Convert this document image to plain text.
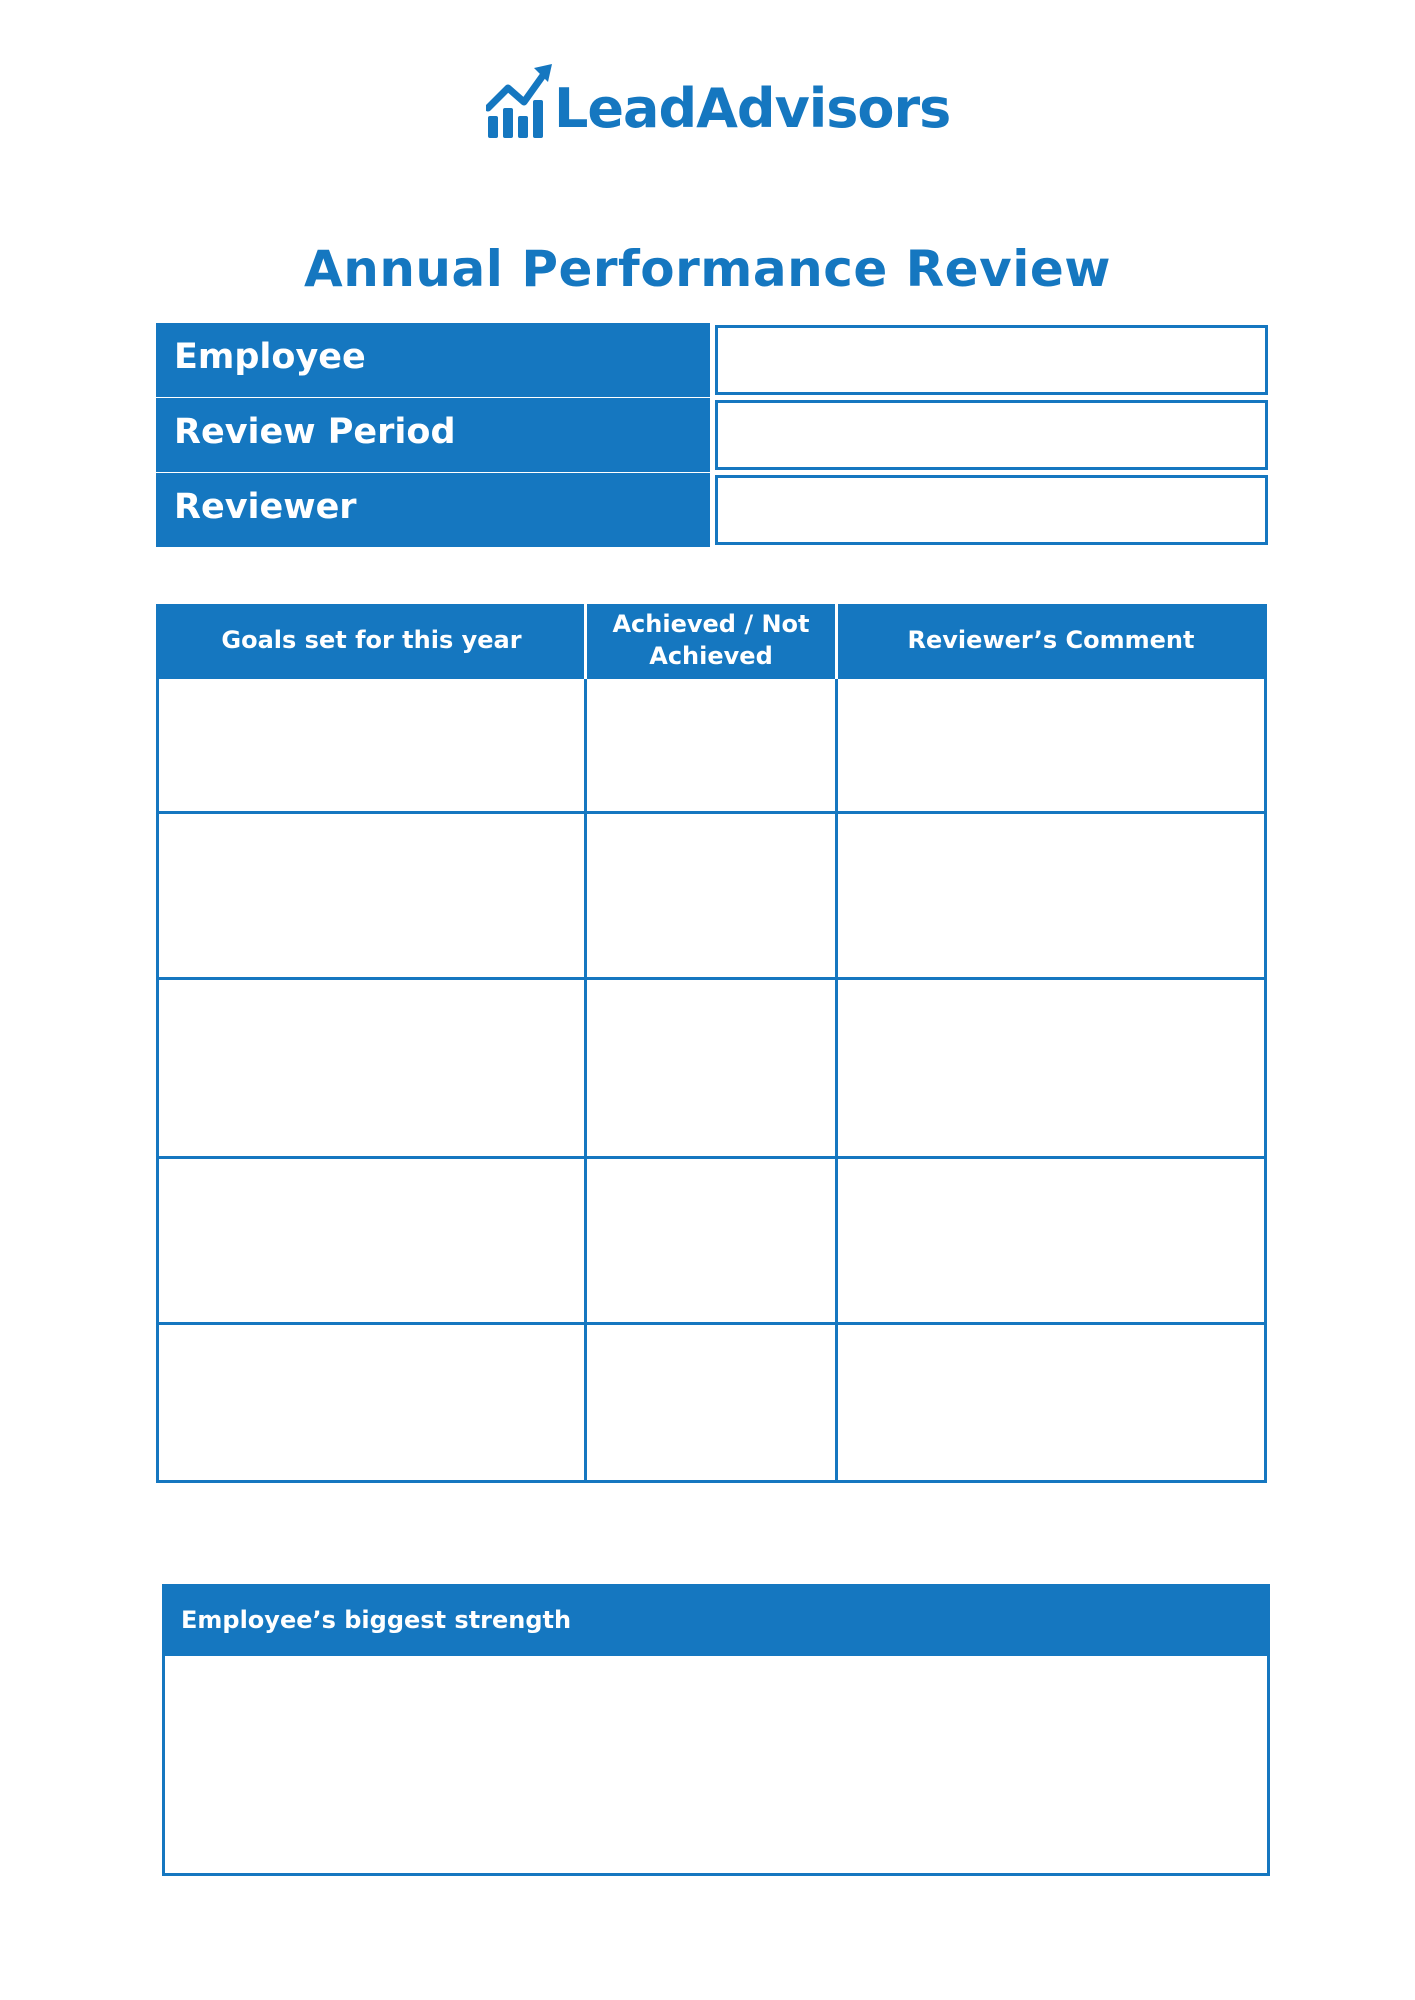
LeadAdvisors
Annual Performance Review
Employee
Review Period
Reviewer
Goals set for this year	Achieved / Not Achieved	Reviewer’s Comment

Employee’s biggest strength
